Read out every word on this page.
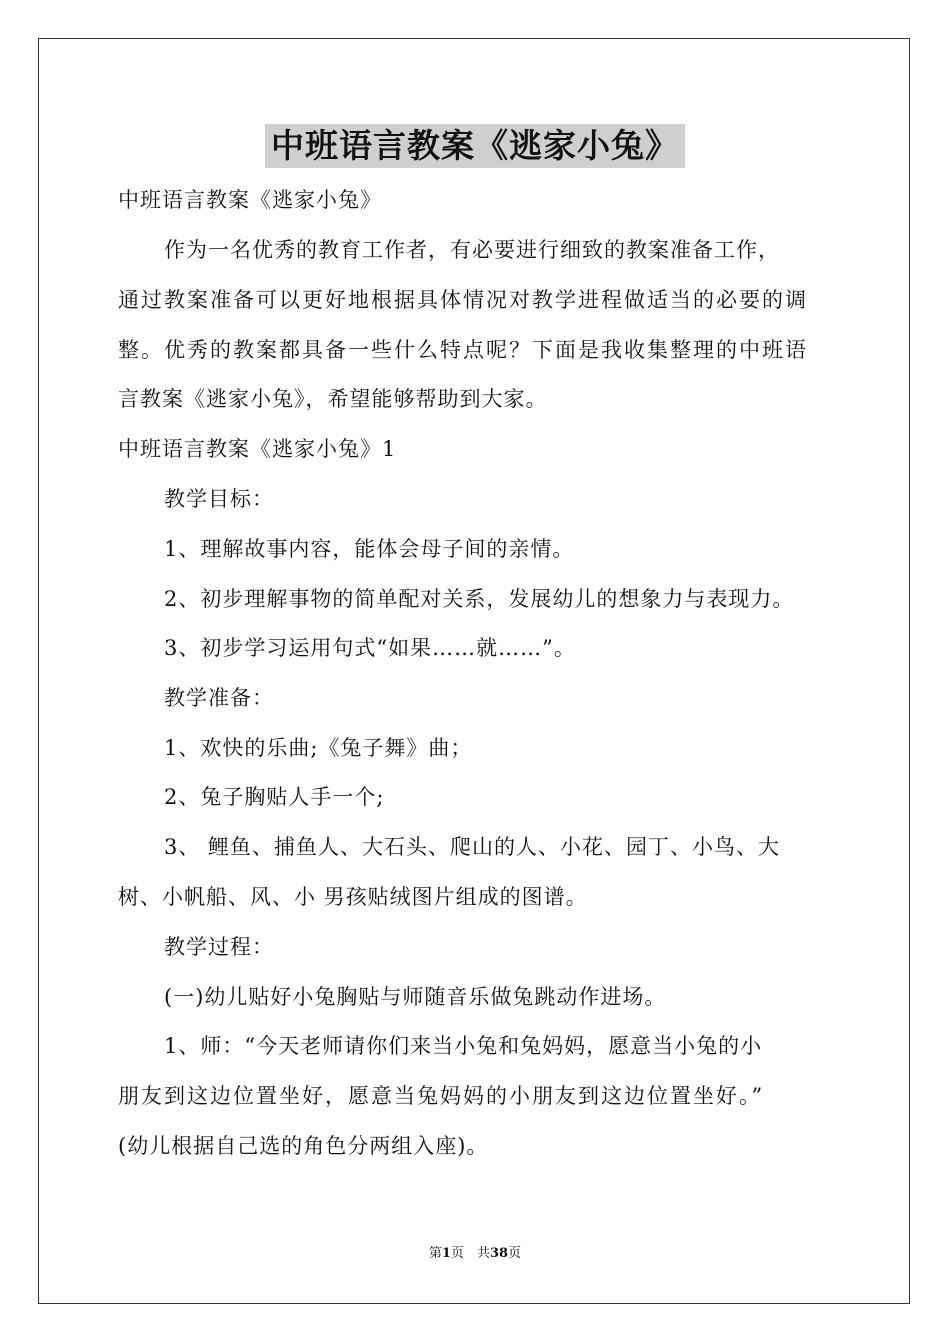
中班语言教案《逃家小兔》
中班语言教案《逃家小兔》
作为一名优秀的教育工作者，有必要进行细致的教案准备工作，
通过教案准备可以更好地根据具体情况对教学进程做适当的必要的调
整。优秀的教案都具备一些什么特点呢？下面是我收集整理的中班语
言教案《逃家小兔》，希望能够帮助到大家。
中班语言教案《逃家小兔》1
教学目标：
1、理解故事内容，能体会母子间的亲情。
2、初步理解事物的简单配对关系，发展幼儿的想象力与表现力。
3、初步学习运用句式“如果……就……”。
教学准备：
1、欢快的乐曲;《兔子舞》曲；
2、兔子胸贴人手一个;
3、 鲤鱼、捕鱼人、大石头、爬山的人、小花、园丁、小鸟、大
树、小帆船、风、小 男孩贴绒图片组成的图谱。
教学过程：
(一)幼儿贴好小兔胸贴与师随音乐做兔跳动作进场。
1、师：“今天老师请你们来当小兔和兔妈妈，愿意当小兔的小
朋友到这边位置坐好，愿意当兔妈妈的小朋友到这边位置坐好。”
(幼儿根据自己选的角色分两组入座)。
第1页　共38页
